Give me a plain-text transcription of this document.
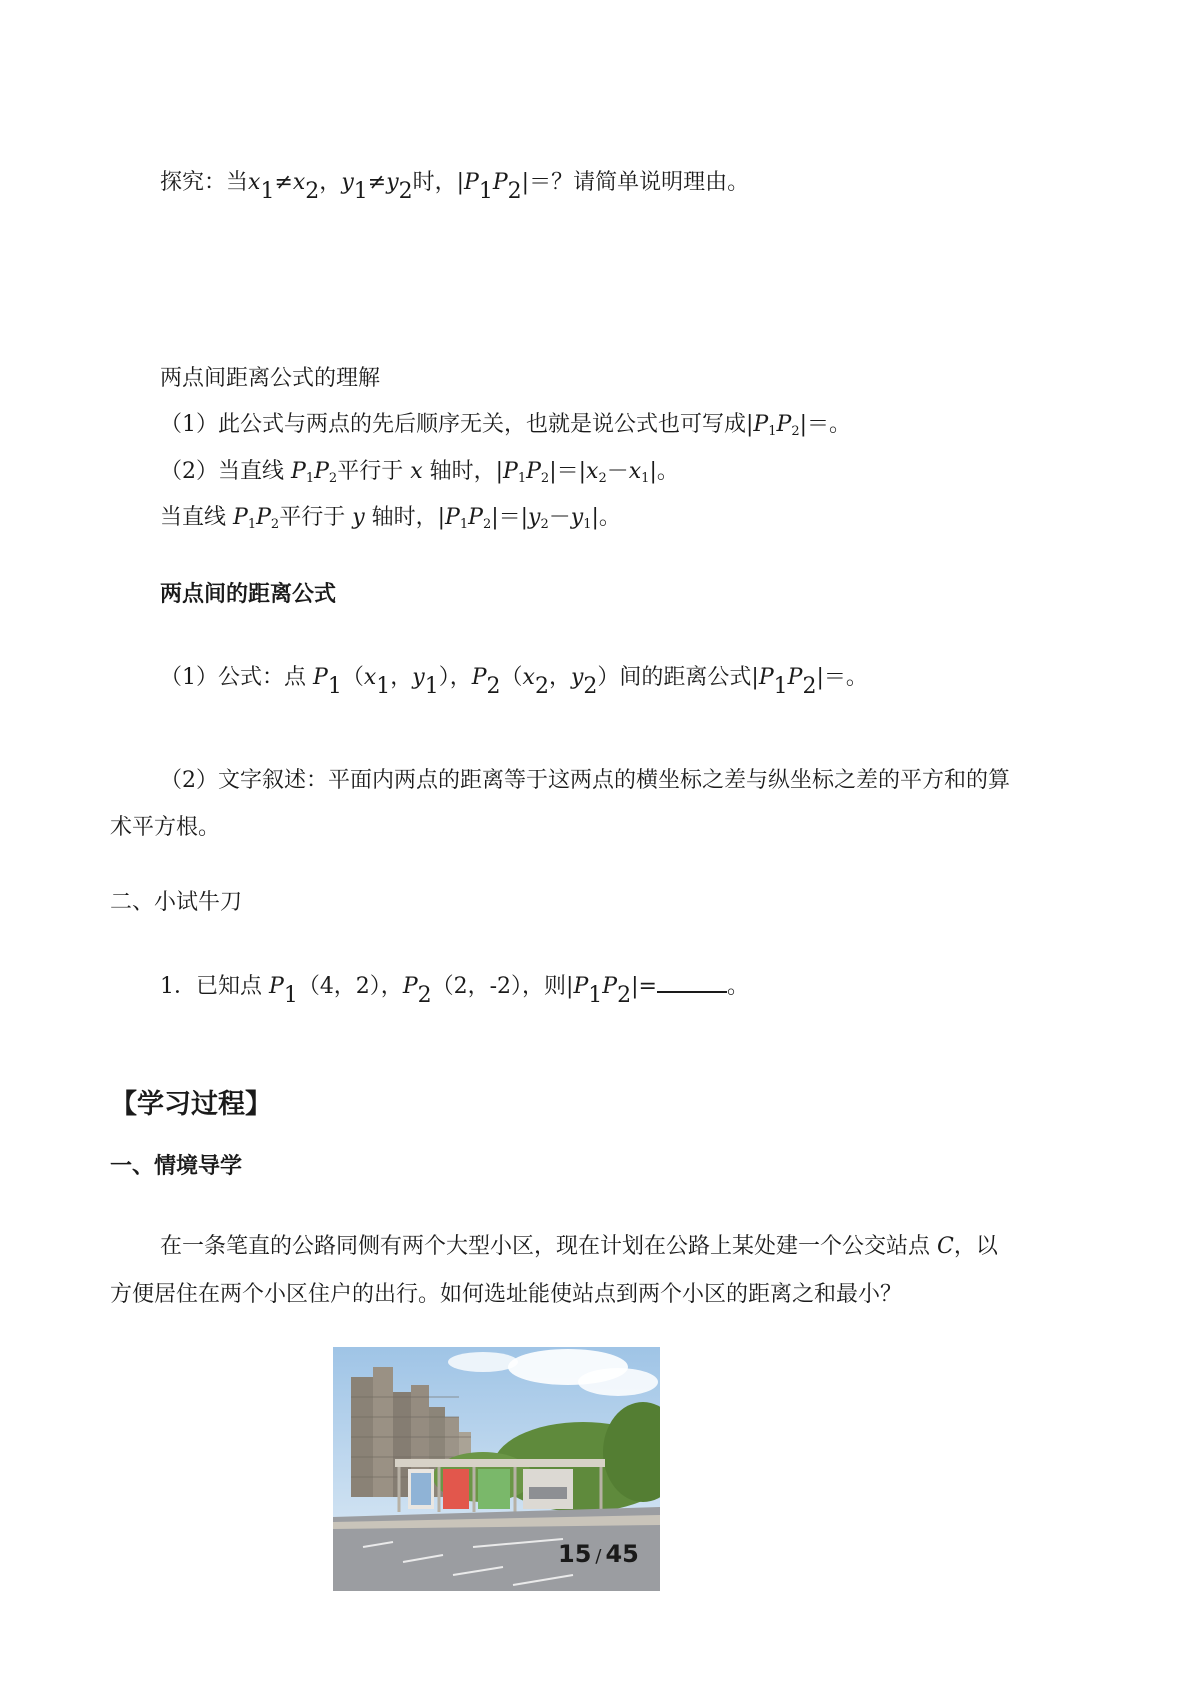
探究：当$x_1\ne x_2$，$y_1\ne y_2$时，$|P_1P_2|=$？请简单说明理由。
两点间距离公式的理解
（1）此公式与两点的先后顺序无关，也就是说公式也可写成$|P_1P_2|=$。
（2）当直线 $P_1P_2$平行于 x 轴时，$|P_1P_2|=|x_2-x_1|$。
当直线 $P_1P_2$平行于 y 轴时，$|P_1P_2|=|y_2-y_1|$。
两点间的距离公式
（1）公式：点 $P_1(x_1$，$y_1$），$P_2(x_2$，$y_2$）间的距离公式$|P_1P_2|=$。
（2）文字叙述：平面内两点的距离等于这两点的横坐标之差与纵坐标之差的平方和的算
术平方根。
二、小试牛刀
1．已知点 $P_1(4$，2），$P_2(2$，-2），则$|P_1P_2|=$	。
【学习过程】
一、情境导学
在一条笔直的公路同侧有两个大型小区，现在计划在公路上某处建一个公交站点 C，以
方便居住在两个小区住户的出行。如何选址能使站点到两个小区的距离之和最小？
15 / 45
